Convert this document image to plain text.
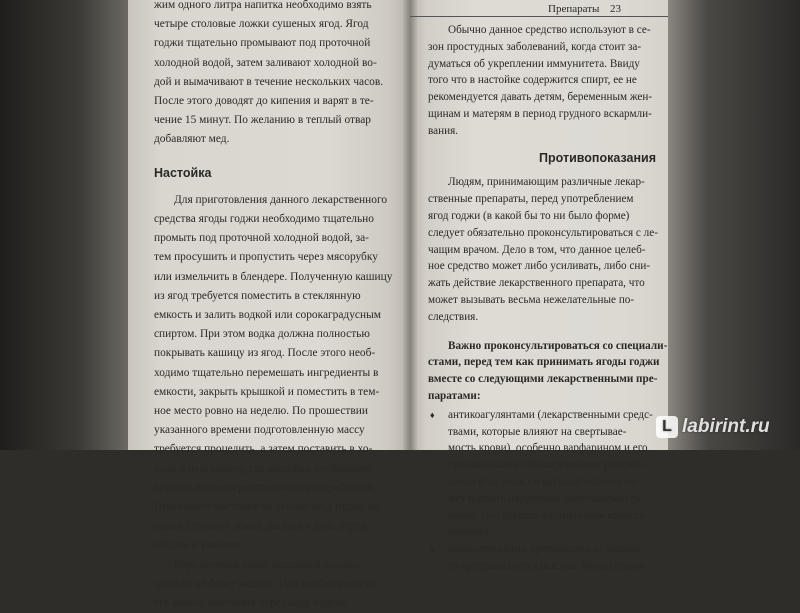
жим одного литра напитка необходимо взять
четыре столовые ложки сушеных ягод. Ягод
годжи тщательно промывают под проточной
холодной водой, затем заливают холодной во-
дой и вымачивают в течение нескольких часов.
После этого доводят до кипения и варят в те-
чение 15 минут. По желанию в теплый отвар
добавляют мед.
Настойка
Для приготовления данного лекарственного
средства ягоды годжи необходимо тщательно
промыть под проточной холодной водой, за-
тем просушить и пропустить через мясорубку
или измельчить в блендере. Полученную кашицу
из ягод требуется поместить в стеклянную
емкость и залить водкой или сорокаградусным
спиртом. При этом водка должна полностью
покрывать кашицу из ягод. После этого необ-
ходимо тщательно перемешать ингредиенты в
емкости, закрыть крышкой и поместить в тем-
ное место ровно на неделю. По прошествии
указанного времени подготовленную массу
требуется процедить, а затем поставить в хо-
лодильную камеру, где настойку необходимо
хранить до непосредственного употребления.
Принимают настойку на основе ягод годжи по
одной столовой ложке дважды в день перед
обедом и ужином.
Курс лечения такой настойкой должен
длиться не более месяца. При необходимости
его можно повторить через пару недель.
Препараты 23
Обычно данное средство используют в се-
зон простудных заболеваний, когда стоит за-
думаться об укреплении иммунитета. Ввиду
того что в настойке содержится спирт, ее не
рекомендуется давать детям, беременным жен-
щинам и матерям в период грудного вскармли-
вания.
Противопоказания
Людям, принимающим различные лекар-
ственные препараты, перед употреблением
ягод годжи (в какой бы то ни было форме)
следует обязательно проконсультироваться с ле-
чащим врачом. Дело в том, что данное целеб-
ное средство может либо усиливать, либо сни-
жать действие лекарственного препарата, что
может вызывать весьма нежелательные по-
следствия.
Важно проконсультироваться со специали-
стами, перед тем как принимать ягоды годжи
вместе со следующими лекарственными пре-
паратами:
♦ антикоагулянтами (лекарственными средс-
твами, которые влияют на свертывае-
мость крови), особенно варфарином и его
производными. Одновременное употреб-
ление ягод годжи и антикоагулянтов мо-
жет вызвать нарушение свертываемости
крови. Это чревато внутренними кровоте-
чениями;
♦ лекарственными препаратами от высоко-
го артериального давления. Ягоды годжи
L labirint.ru
